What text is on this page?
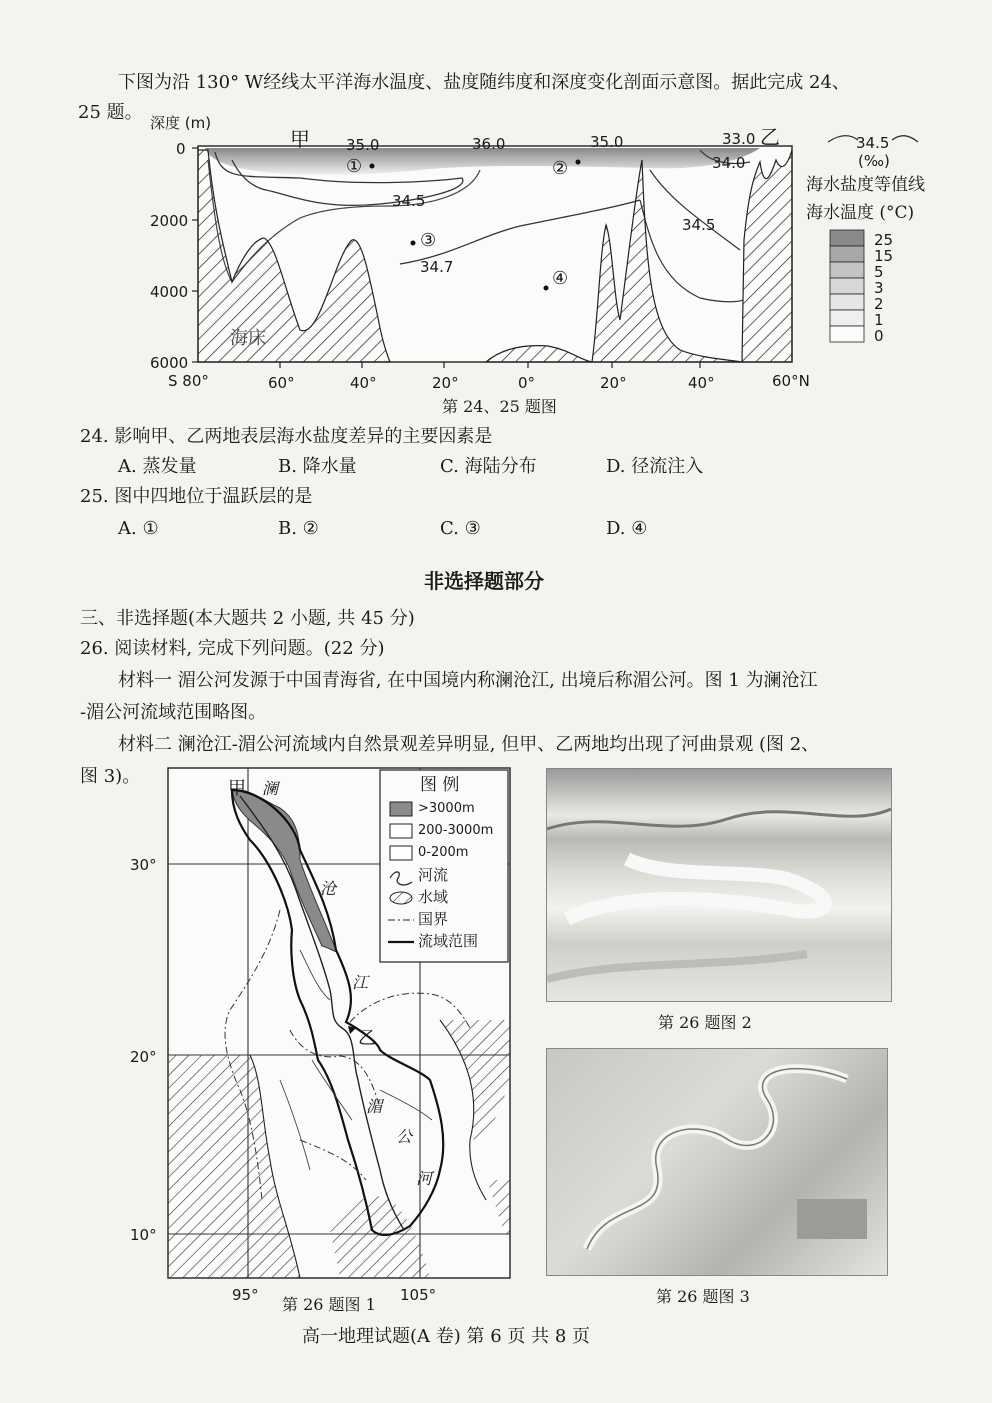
下图为沿 130° W经线太平洋海水温度、盐度随纬度和深度变化剖面示意图。据此完成 24、
25 题。 深度 (m)
甲	乙
0
2000
4000
6000
S 80°	60°	40°	20°	0°	20°	40°	60°N
35.0	36.0	35.0	33.0
34.0
34.5
34.5
34.7
海床
①	②
③
④
第 24、25 题图
34.5
(‰)
海水盐度等值线
海水温度 (°C)
25
15
5
3
2
1
0
24. 影响甲、乙两地表层海水盐度差异的主要因素是
A. 蒸发量	B. 降水量	C. 海陆分布	D. 径流注入
25. 图中四地位于温跃层的是
A. ①	B. ②	C. ③	D. ④
非选择题部分
三、非选择题(本大题共 2 小题, 共 45 分)
26. 阅读材料, 完成下列问题。(22 分)
材料一 湄公河发源于中国青海省, 在中国境内称澜沧江, 出境后称湄公河。图 1 为澜沧江
-湄公河流域范围略图。
材料二 澜沧江-湄公河流域内自然景观差异明显, 但甲、乙两地均出现了河曲景观 (图 2、
图 3)。
30°
20°
10°
95°	105°
澜
沧
江
湄
公
河
甲
乙
图 例
>3000m
200-3000m
0-200m
河流
水域
国界
流域范围
第 26 题图 1
第 26 题图 2
第 26 题图 3
高一地理试题(A 卷) 第 6 页 共 8 页
